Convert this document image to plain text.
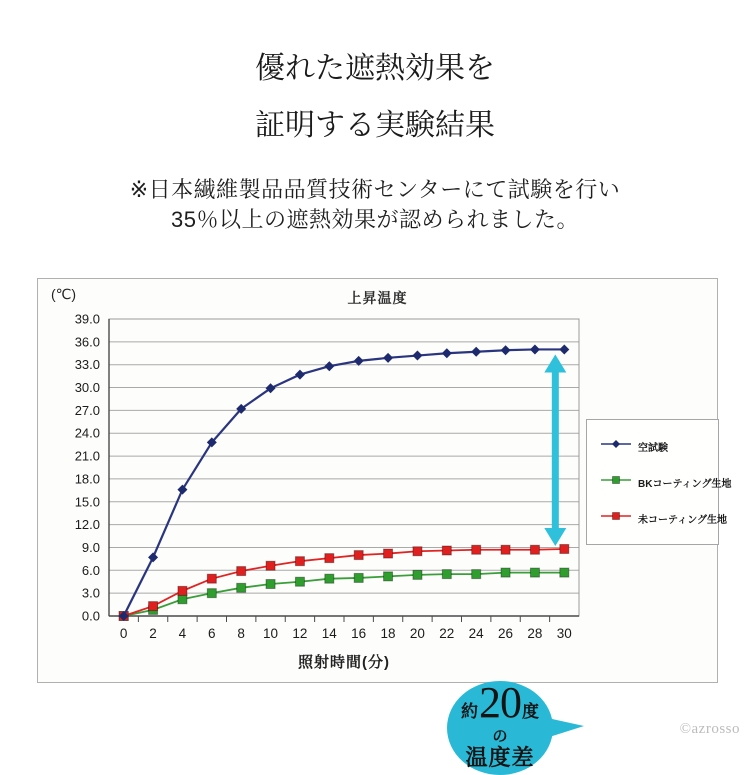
優れた遮熱効果を
証明する実験結果
※日本繊維製品品質技術センターにて試験を行い
35％以上の遮熱効果が認められました。
0 2 4 6 8 10 12 14 16 18 20 22 24 26 28 30
0.0
3.0
6.0
9.0
12.0
15.0
18.0
21.0
24.0
27.0
30.0
33.0
36.0
39.0
(℃)	上昇温度
照射時間(分)
空試験
BKコーティング生地
未コーティング生地
約 20 度
の
温度差
©azrosso
